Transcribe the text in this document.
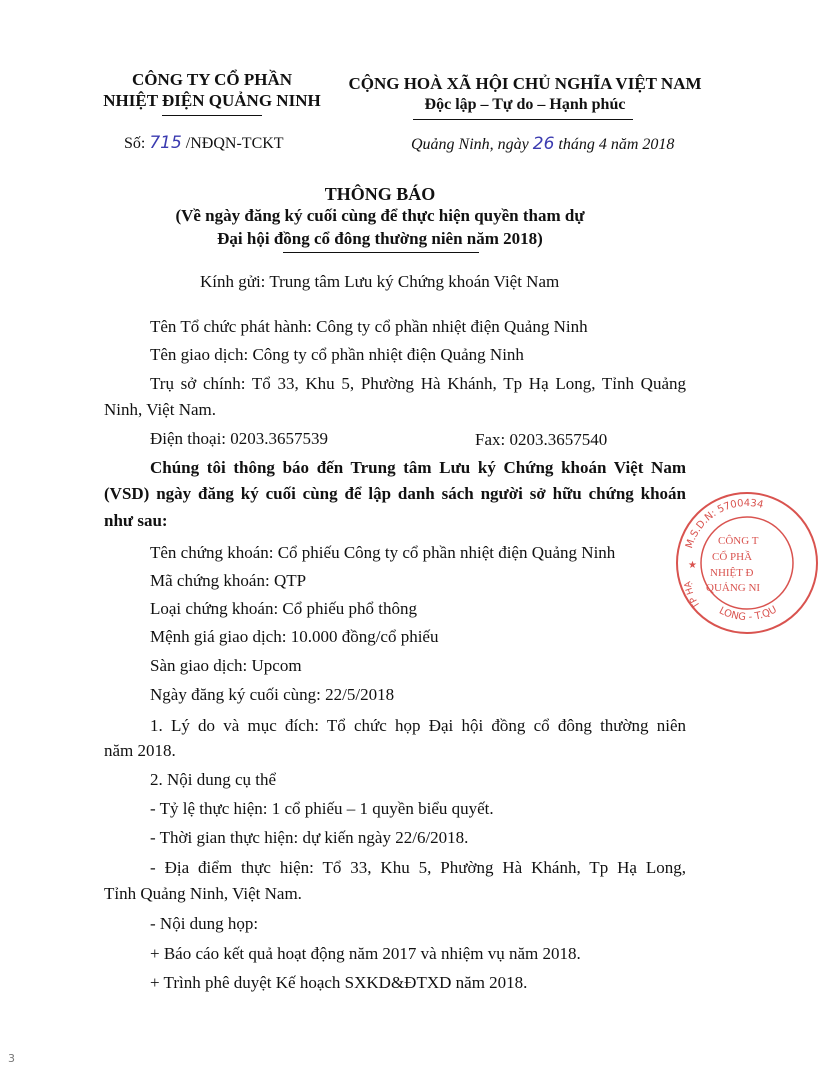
CÔNG TY CỔ PHẦN
NHIỆT ĐIỆN QUẢNG NINH
CỘNG HOÀ XÃ HỘI CHỦ NGHĨA VIỆT NAM
Độc lập – Tự do – Hạnh phúc
Số: 715 /NĐQN-TCKT	Quảng Ninh, ngày 26 tháng 4 năm 2018
THÔNG BÁO
(Về ngày đăng ký cuối cùng để thực hiện quyền tham dự
Đại hội đồng cổ đông thường niên năm 2018)
Kính gửi: Trung tâm Lưu ký Chứng khoán Việt Nam
Tên Tổ chức phát hành: Công ty cổ phần nhiệt điện Quảng Ninh
Tên giao dịch: Công ty cổ phần nhiệt điện Quảng Ninh
Trụ sở chính: Tổ 33, Khu 5, Phường Hà Khánh, Tp Hạ Long, Tỉnh Quảng
Ninh, Việt Nam.
Điện thoại: 0203.3657539	Fax: 0203.3657540
Chúng tôi thông báo đến Trung tâm Lưu ký Chứng khoán Việt Nam
(VSD) ngày đăng ký cuối cùng để lập danh sách người sở hữu chứng khoán
như sau:
Tên chứng khoán: Cổ phiếu Công ty cổ phần nhiệt điện Quảng Ninh
Mã chứng khoán: QTP
Loại chứng khoán: Cổ phiếu phổ thông
Mệnh giá giao dịch: 10.000 đồng/cổ phiếu
Sàn giao dịch: Upcom
Ngày đăng ký cuối cùng: 22/5/2018
1. Lý do và mục đích: Tổ chức họp Đại hội đồng cổ đông thường niên
năm 2018.
2. Nội dung cụ thể
- Tỷ lệ thực hiện: 1 cổ phiếu – 1 quyền biểu quyết.
- Thời gian thực hiện: dự kiến ngày 22/6/2018.
- Địa điểm thực hiện: Tổ 33, Khu 5, Phường Hà Khánh, Tp Hạ Long,
Tỉnh Quảng Ninh, Việt Nam.
- Nội dung họp:
+ Báo cáo kết quả hoạt động năm 2017 và nhiệm vụ năm 2018.
+ Trình phê duyệt Kế hoạch SXKD&ĐTXD năm 2018.
M.S.D.N: 5700434
LONG - T.QU
TP HẠ
★
CÔNG T
CỔ PHẦ
NHIỆT Đ
QUẢNG NI
3
